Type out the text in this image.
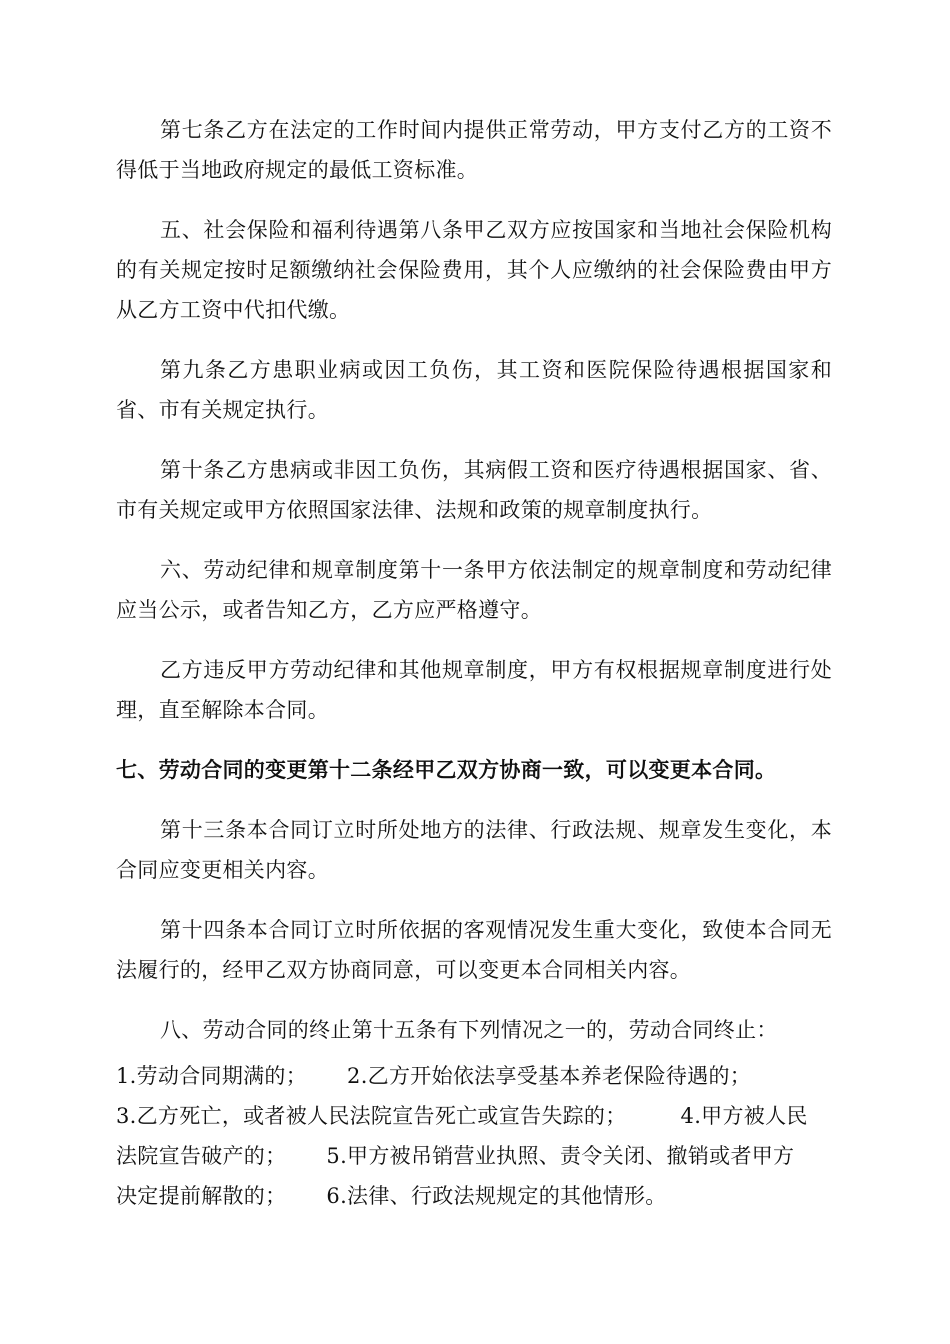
第七条乙方在法定的工作时间内提供正常劳动，甲方支付乙方的工资不得低于当地政府规定的最低工资标准。

五、社会保险和福利待遇第八条甲乙双方应按国家和当地社会保险机构的有关规定按时足额缴纳社会保险费用，其个人应缴纳的社会保险费由甲方从乙方工资中代扣代缴。

第九条乙方患职业病或因工负伤，其工资和医院保险待遇根据国家和省、市有关规定执行。

第十条乙方患病或非因工负伤，其病假工资和医疗待遇根据国家、省、市有关规定或甲方依照国家法律、法规和政策的规章制度执行。

六、劳动纪律和规章制度第十一条甲方依法制定的规章制度和劳动纪律应当公示，或者告知乙方，乙方应严格遵守。

乙方违反甲方劳动纪律和其他规章制度，甲方有权根据规章制度进行处理，直至解除本合同。

七、劳动合同的变更第十二条经甲乙双方协商一致，可以变更本合同。

第十三条本合同订立时所处地方的法律、行政法规、规章发生变化，本合同应变更相关内容。

第十四条本合同订立时所依据的客观情况发生重大变化，致使本合同无法履行的，经甲乙双方协商同意，可以变更本合同相关内容。

八、劳动合同的终止第十五条有下列情况之一的，劳动合同终止：

1.劳动合同期满的； 2.乙方开始依法享受基本养老保险待遇的；
3.乙方死亡，或者被人民法院宣告死亡或宣告失踪的；	4.甲方被人民
法院宣告破产的； 5.甲方被吊销营业执照、责令关闭、撤销或者甲方
决定提前解散的； 6.法律、行政法规规定的其他情形。
